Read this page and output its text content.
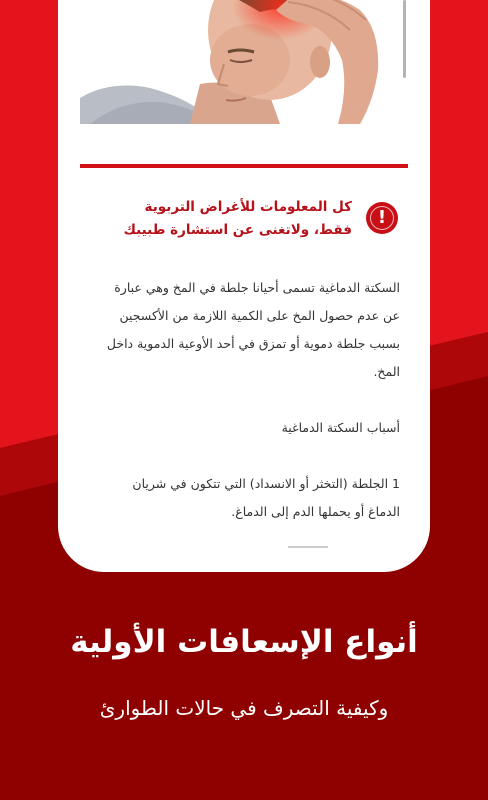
!
كل المعلومات للأغراض التربوية
فقط، ولاتغنى عن استشارة طبيبك

السكتة الدماغية تسمى أحيانا جلطة في المخ وهي عبارة عن عدم حصول المخ على الكمية اللازمة من الأكسجين بسبب جلطة دموية أو تمزق في أحد الأوعية الدموية داخل المخ.

أسباب السكتة الدماغية

1 الجلطة (التخثر أو الانسداد) التي تتكون في شريان الدماغ أو يحملها الدم إلى الدماغ.

أنواع الإسعافات الأولية
وكيفية التصرف في حالات الطوارئ
